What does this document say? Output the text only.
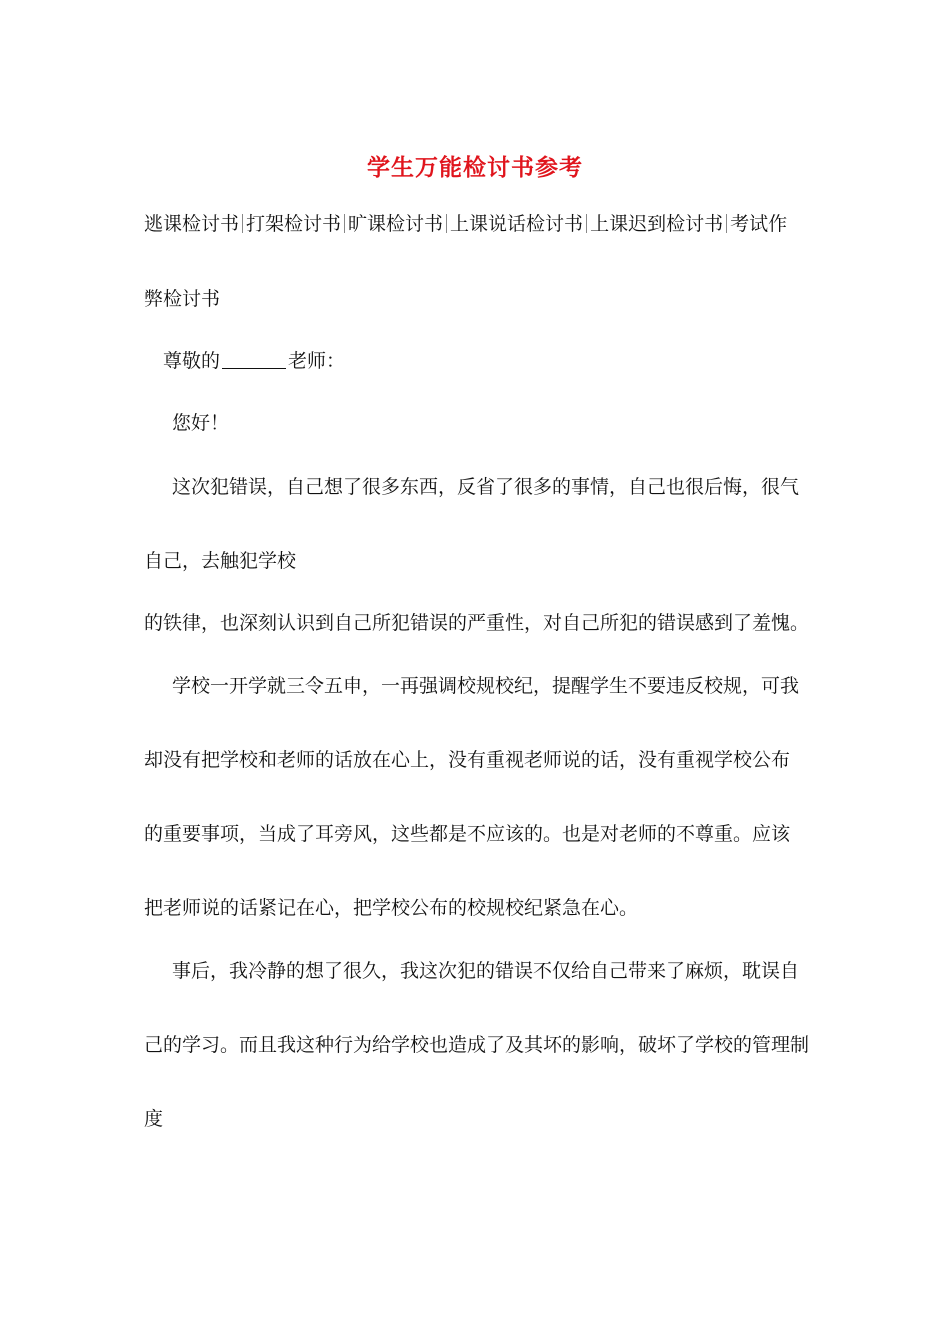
学生万能检讨书参考
逃课检讨书 打架检讨书 旷课检讨书 上课说话检讨书 上课迟到检讨书 考试作
弊检讨书
尊敬的	老师：
您好！
这次犯错误，自己想了很多东西，反省了很多的事情，自己也很后悔，很气
自己，去触犯学校
的铁律，也深刻认识到自己所犯错误的严重性，对自己所犯的错误感到了羞愧。
学校一开学就三令五申，一再强调校规校纪，提醒学生不要违反校规，可我
却没有把学校和老师的话放在心上，没有重视老师说的话，没有重视学校公布
的重要事项，当成了耳旁风，这些都是不应该的。也是对老师的不尊重。应该
把老师说的话紧记在心，把学校公布的校规校纪紧急在心。
事后，我冷静的想了很久，我这次犯的错误不仅给自己带来了麻烦，耽误自
己的学习。而且我这种行为给学校也造成了及其坏的影响，破坏了学校的管理制
度
